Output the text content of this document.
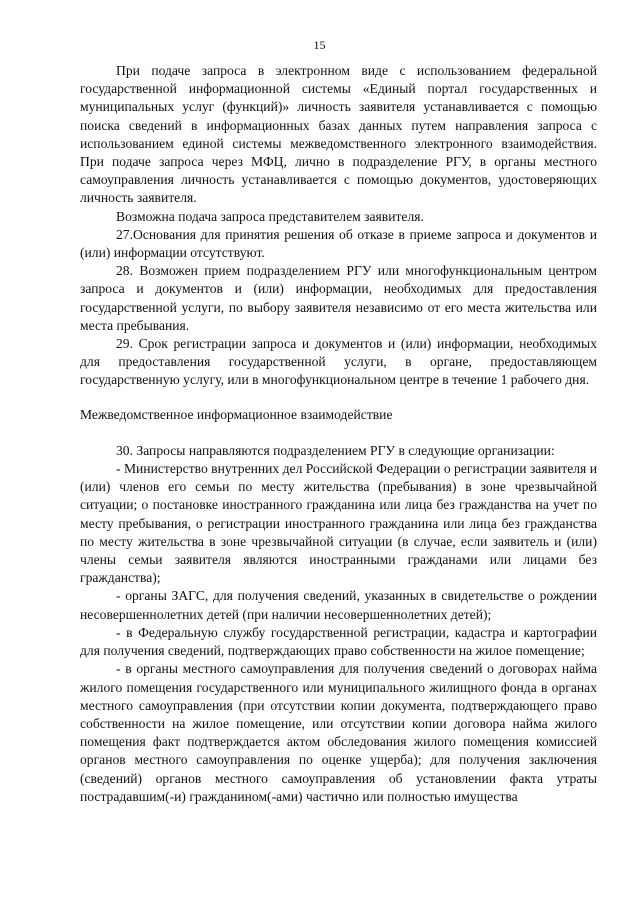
15

При подаче запроса в электронном виде с использованием федеральной государственной информационной системы «Единый портал государственных и муниципальных услуг (функций)» личность заявителя устанавливается с помощью поиска сведений в информационных базах данных путем направления запроса с использованием единой системы межведомственного электронного взаимодействия. При подаче запроса через МФЦ, лично в подразделение РГУ, в органы местного самоуправления личность устанавливается с помощью документов, удостоверяющих личность заявителя.

Возможна подача запроса представителем заявителя.

27.Основания для принятия решения об отказе в приеме запроса и документов и (или) информации отсутствуют.

28. Возможен прием подразделением РГУ или многофункциональным центром запроса и документов и (или) информации, необходимых для предоставления государственной услуги, по выбору заявителя независимо от его места жительства или места пребывания.

29. Срок регистрации запроса и документов и (или) информации, необходимых для предоставления государственной услуги, в органе, предоставляющем государственную услугу, или в многофункциональном центре в течение 1 рабочего дня.

Межведомственное информационное взаимодействие

30. Запросы направляются подразделением РГУ в следующие организации:

- Министерство внутренних дел Российской Федерации о регистрации заявителя и (или) членов его семьи по месту жительства (пребывания) в зоне чрезвычайной ситуации; о постановке иностранного гражданина или лица без гражданства на учет по месту пребывания, о регистрации иностранного гражданина или лица без гражданства по месту жительства в зоне чрезвычайной ситуации (в случае, если заявитель и (или) члены семьи заявителя являются иностранными гражданами или лицами без гражданства);

- органы ЗАГС, для получения сведений, указанных в свидетельстве о рождении несовершеннолетних детей (при наличии несовершеннолетних детей);

- в Федеральную службу государственной регистрации, кадастра и картографии для получения сведений, подтверждающих право собственности на жилое помещение;

- в органы местного самоуправления для получения сведений о договорах найма жилого помещения государственного или муниципального жилищного фонда в органах местного самоуправления (при отсутствии копии документа, подтверждающего право собственности на жилое помещение, или отсутствии копии договора найма жилого помещения факт подтверждается актом обследования жилого помещения комиссией органов местного самоуправления по оценке ущерба); для получения заключения (сведений) органов местного самоуправления об установлении факта утраты пострадавшим(-и) гражданином(-ами) частично или полностью имущества
